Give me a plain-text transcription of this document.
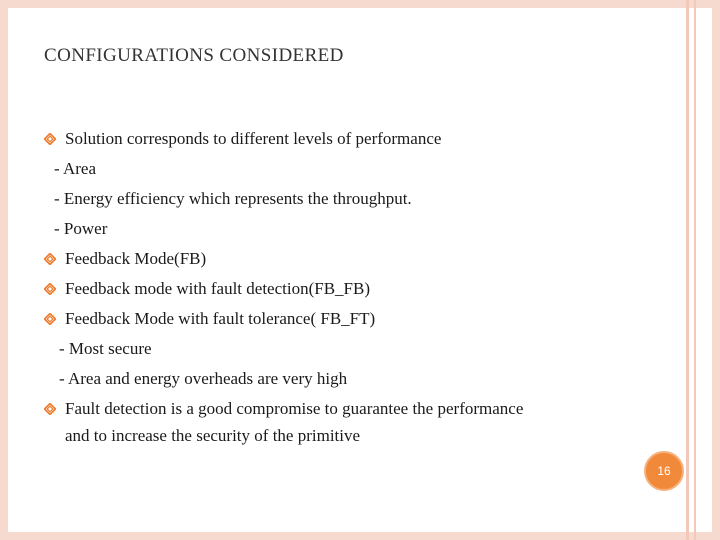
CONFIGURATIONS CONSIDERED
Solution corresponds to different levels of performance
- Area
- Energy efficiency which represents the throughput.
- Power
Feedback Mode(FB)
Feedback mode with fault detection(FB_FB)
Feedback Mode with fault tolerance( FB_FT)
- Most secure
- Area and energy overheads are very high
Fault detection is a good compromise to guarantee the performance
and to increase the security of the primitive
16
